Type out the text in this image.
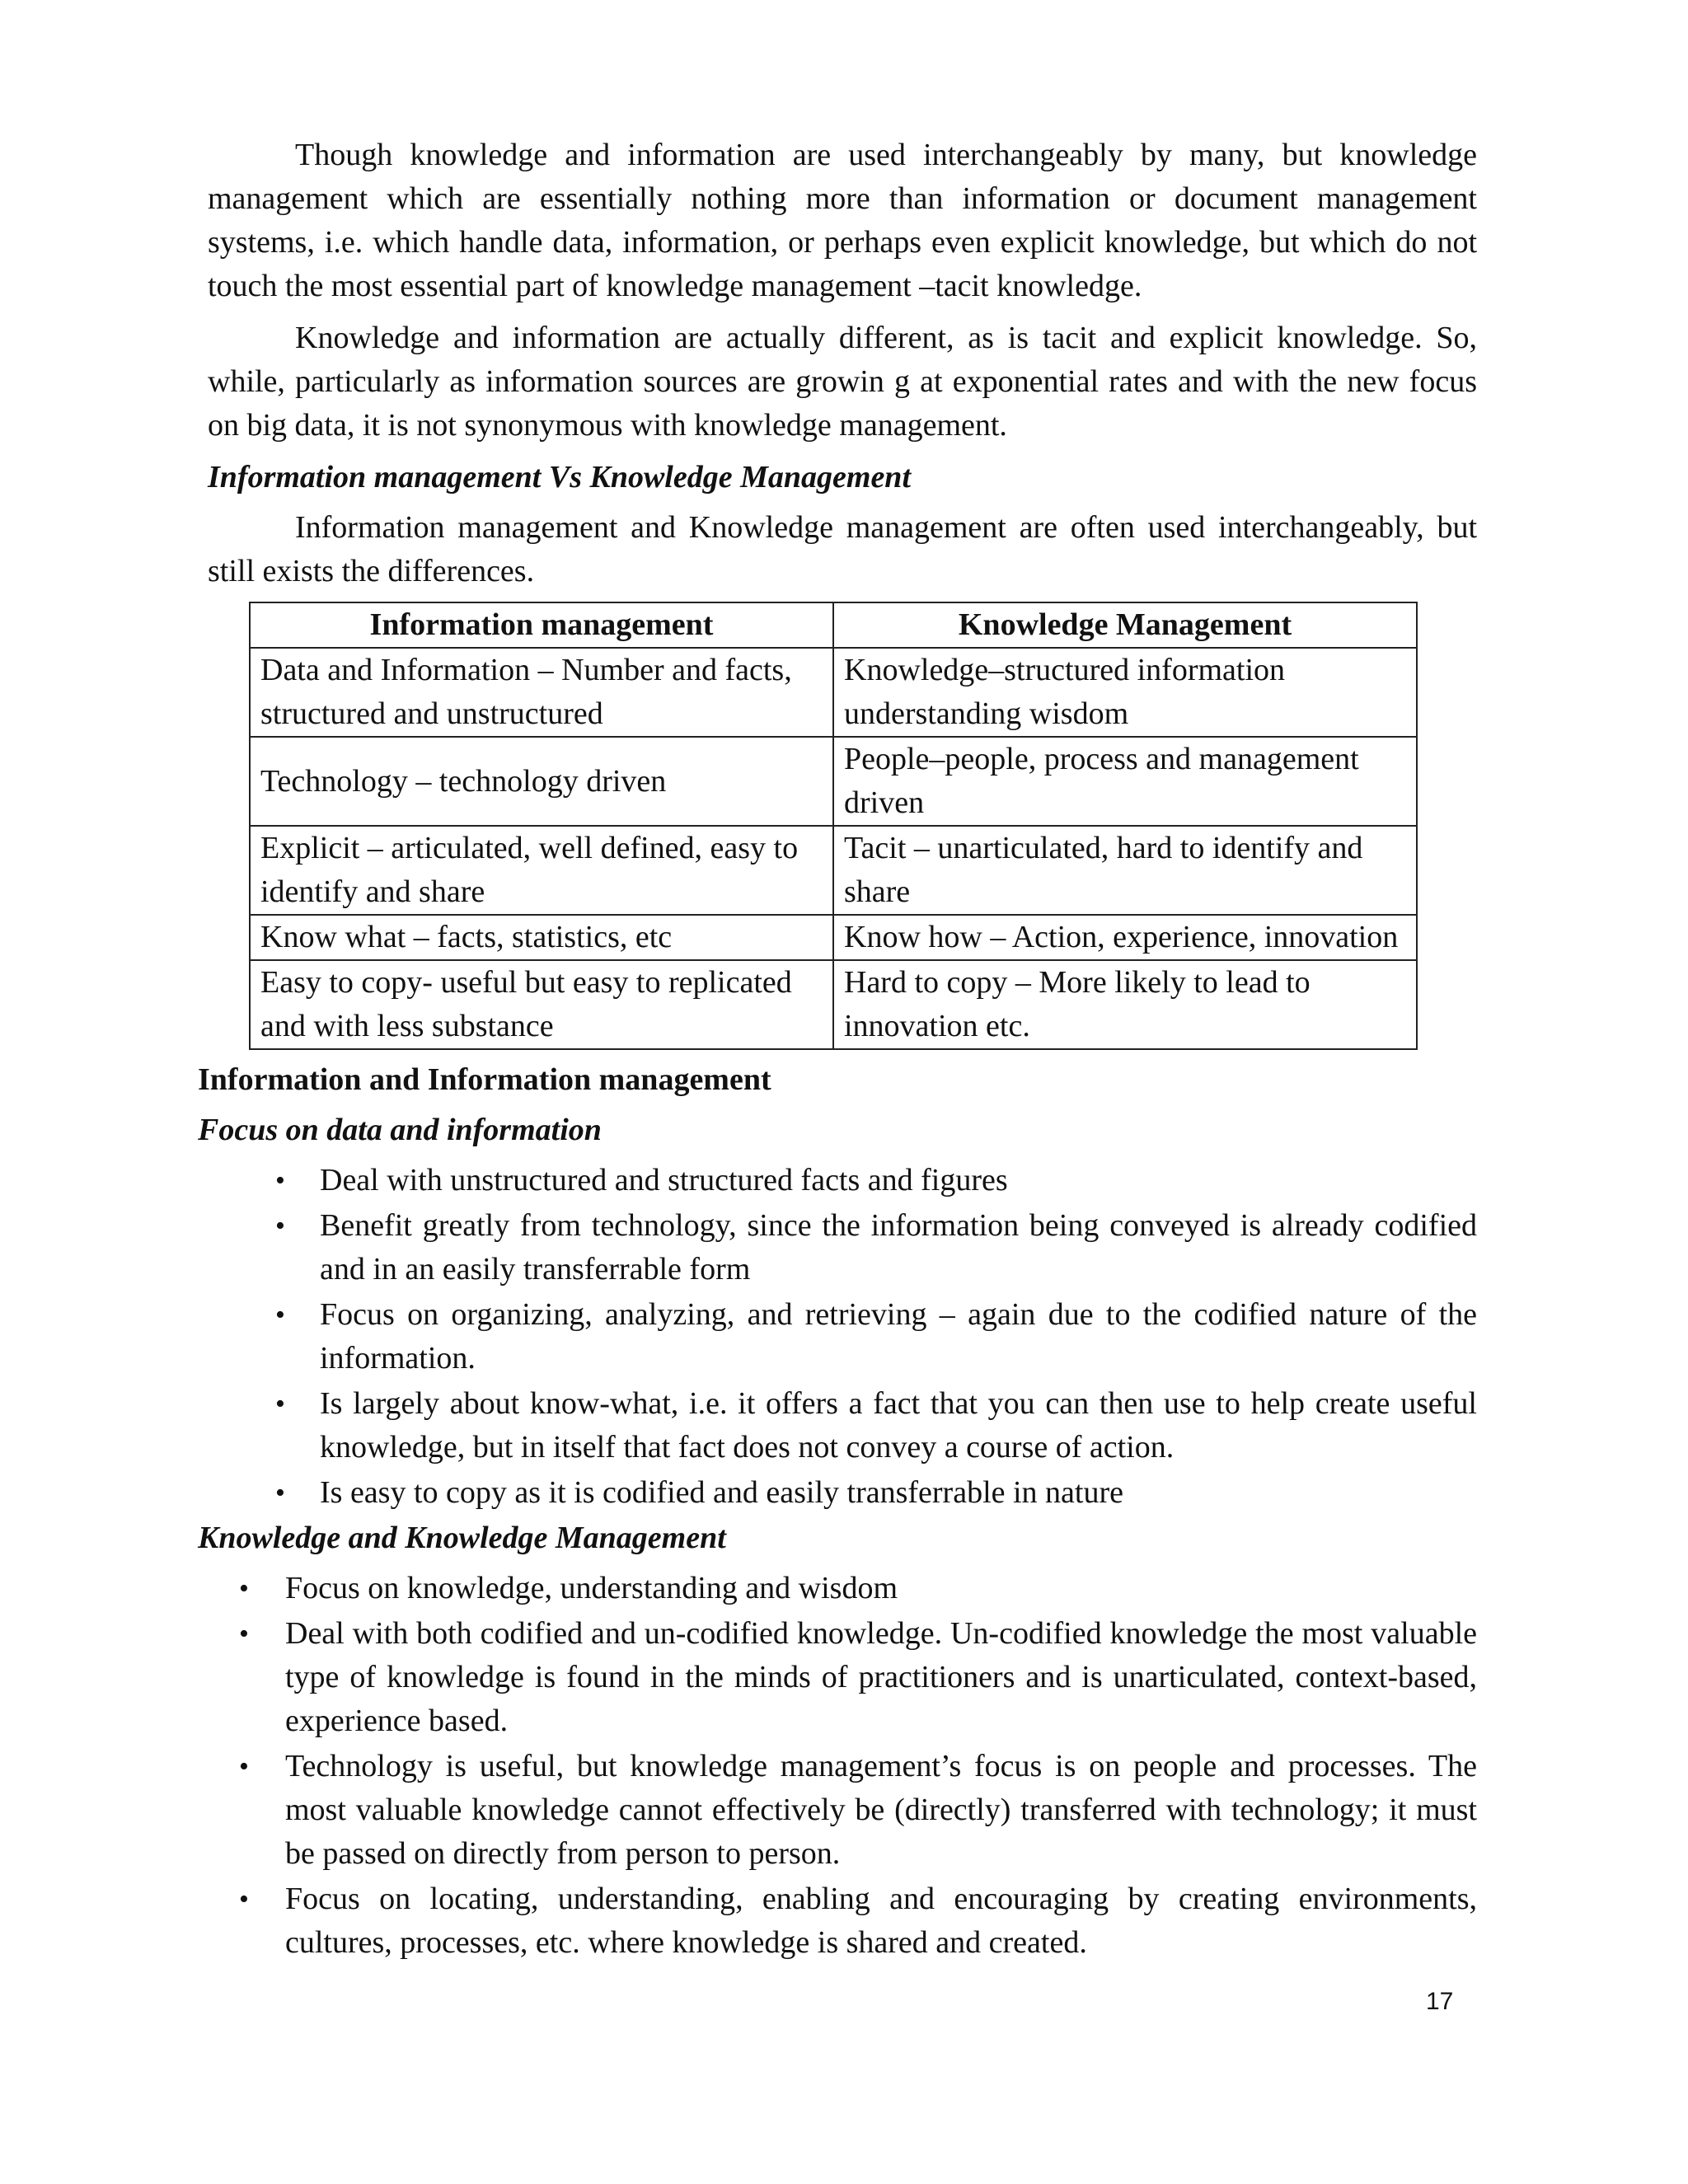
Though knowledge and information are used interchangeably by many, but knowledge management which are essentially nothing more than information or document management systems, i.e. which handle data, information, or perhaps even explicit knowledge, but which do not touch the most essential part of knowledge management –tacit knowledge.

Knowledge and information are actually different, as is tacit and explicit knowledge. So, while, particularly as information sources are growin g at exponential rates and with the new focus on big data, it is not synonymous with knowledge management.

Information management Vs Knowledge Management

Information management and Knowledge management are often used interchangeably, but still exists the differences.

Information management	Knowledge Management
Data and Information – Number and facts, structured and unstructured	Knowledge–structured information understanding wisdom
Technology – technology driven	People–people, process and management driven
Explicit – articulated, well defined, easy to identify and share	Tacit – unarticulated, hard to identify and share
Know what – facts, statistics, etc	Know how – Action, experience, innovation
Easy to copy- useful but easy to replicated and with less substance	Hard to copy – More likely to lead to innovation etc.
Information and Information management
Focus on data and information
• Deal with unstructured and structured facts and figures
• Benefit greatly from technology, since the information being conveyed is already codified and in an easily transferrable form
• Focus on organizing, analyzing, and retrieving – again due to the codified nature of the information.
• Is largely about know-what, i.e. it offers a fact that you can then use to help create useful knowledge, but in itself that fact does not convey a course of action.
• Is easy to copy as it is codified and easily transferrable in nature
Knowledge and Knowledge Management
• Focus on knowledge, understanding and wisdom
• Deal with both codified and un-codified knowledge. Un-codified knowledge the most valuable type of knowledge is found in the minds of practitioners and is unarticulated, context-based, experience based.
• Technology is useful, but knowledge management’s focus is on people and processes. The most valuable knowledge cannot effectively be (directly) transferred with technology; it must be passed on directly from person to person.
• Focus on locating, understanding, enabling and encouraging by creating environments, cultures, processes, etc. where knowledge is shared and created.
17
